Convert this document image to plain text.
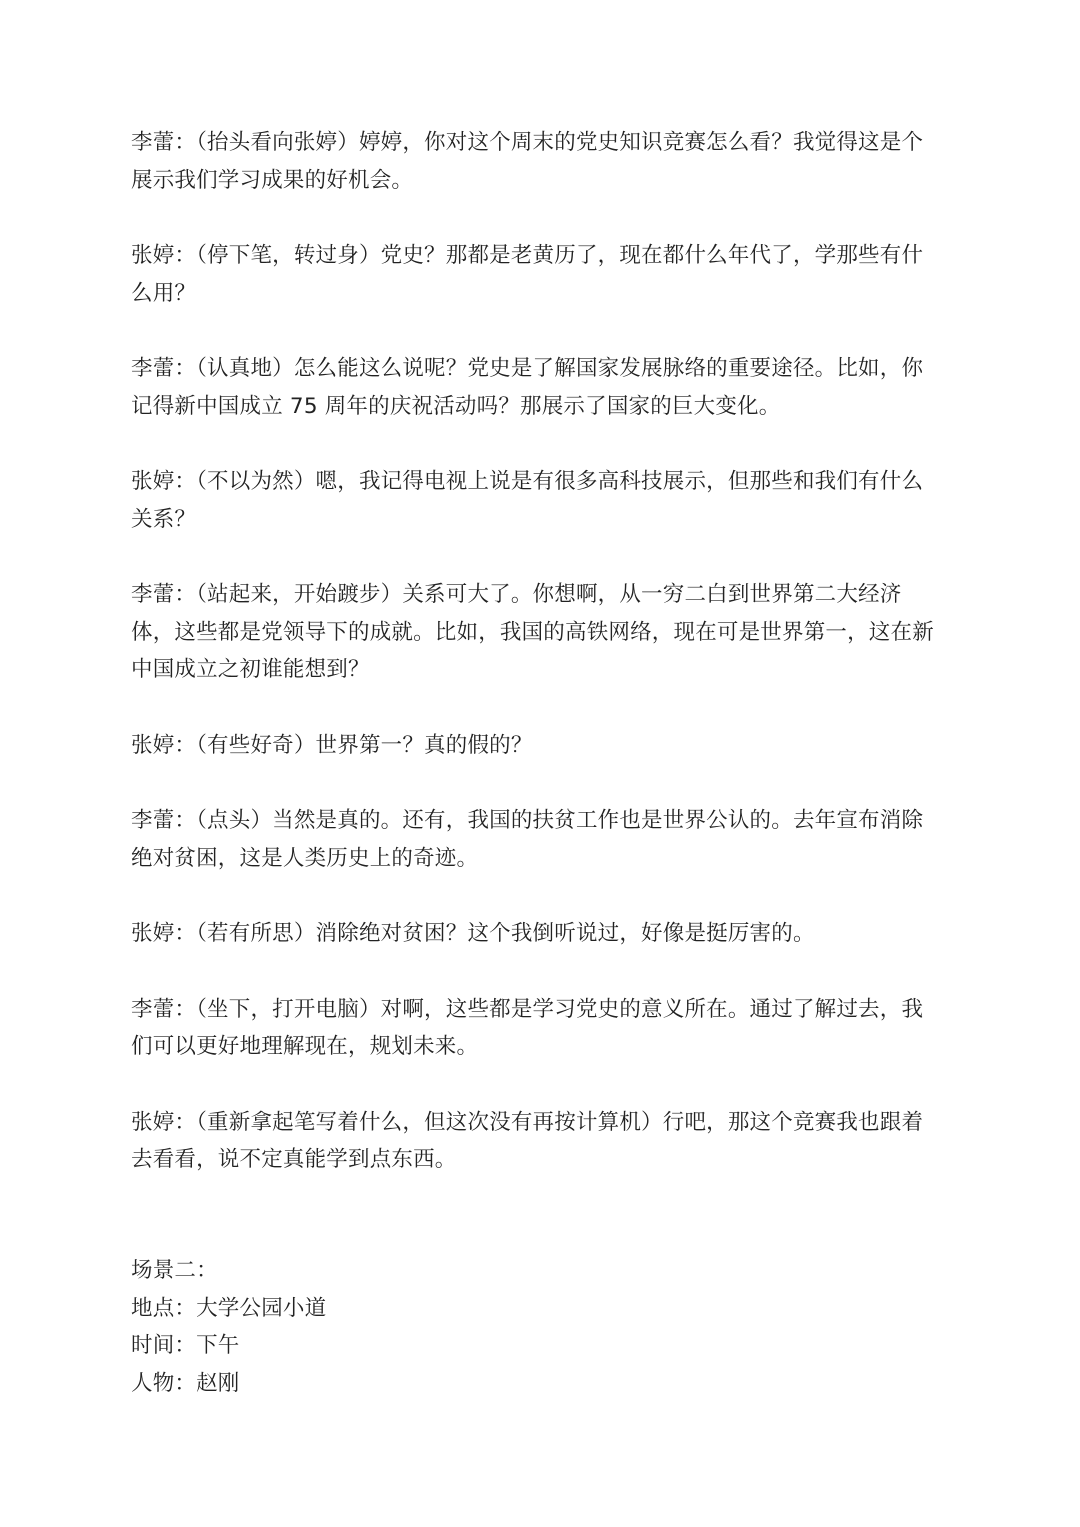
李蕾：（抬头看向张婷）婷婷，你对这个周末的党史知识竞赛怎么看？我觉得这是个展示我们学习成果的好机会。

张婷：（停下笔，转过身）党史？那都是老黄历了，现在都什么年代了，学那些有什么用？

李蕾：（认真地）怎么能这么说呢？党史是了解国家发展脉络的重要途径。比如，你记得新中国成立 75 周年的庆祝活动吗？那展示了国家的巨大变化。

张婷：（不以为然）嗯，我记得电视上说是有很多高科技展示，但那些和我们有什么关系？

李蕾：（站起来，开始踱步）关系可大了。你想啊，从一穷二白到世界第二大经济体，这些都是党领导下的成就。比如，我国的高铁网络，现在可是世界第一，这在新中国成立之初谁能想到？

张婷：（有些好奇）世界第一？真的假的？

李蕾：（点头）当然是真的。还有，我国的扶贫工作也是世界公认的。去年宣布消除绝对贫困，这是人类历史上的奇迹。

张婷：（若有所思）消除绝对贫困？这个我倒听说过，好像是挺厉害的。

李蕾：（坐下，打开电脑）对啊，这些都是学习党史的意义所在。通过了解过去，我们可以更好地理解现在，规划未来。

张婷：（重新拿起笔写着什么，但这次没有再按计算机）行吧，那这个竞赛我也跟着去看看，说不定真能学到点东西。

场景二：
地点：大学公园小道
时间：下午
人物：赵刚
